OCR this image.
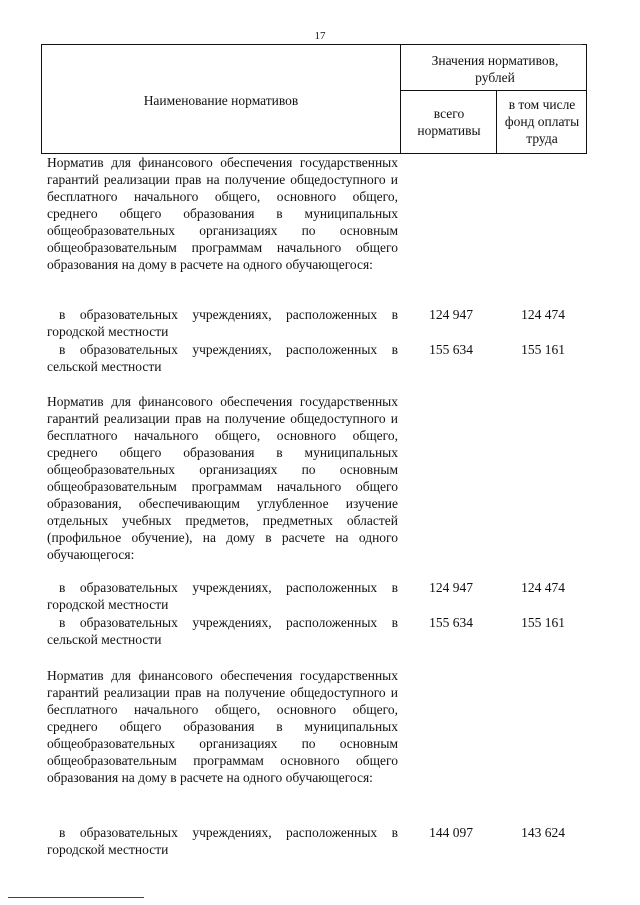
17
Наименование нормативов
Значения нормативов, рублей
всего нормативы
в том числе фонд оплаты труда
Норматив для финансового обеспечения государственных гарантий реализации прав на получение общедоступного и бесплатного начального общего, основного общего, среднего общего образования в муниципальных общеобразовательных организациях по основным общеобразовательным программам начального общего образования на дому в расчете на одного обучающегося:
в образовательных учреждениях, расположенных в городской местности
124 947	124 474
в образовательных учреждениях, расположенных в сельской местности
155 634	155 161
Норматив для финансового обеспечения государственных гарантий реализации прав на получение общедоступного и бесплатного начального общего, основного общего, среднего общего образования в муниципальных общеобразовательных организациях по основным общеобразовательным программам начального общего образования, обеспечивающим углубленное изучение отдельных учебных предметов, предметных областей (профильное обучение), на дому в расчете на одного обучающегося:
в образовательных учреждениях, расположенных в городской местности
124 947	124 474
в образовательных учреждениях, расположенных в сельской местности
155 634	155 161
Норматив для финансового обеспечения государственных гарантий реализации прав на получение общедоступного и бесплатного начального общего, основного общего, среднего общего образования в муниципальных общеобразовательных организациях по основным общеобразовательным программам основного общего образования на дому в расчете на одного обучающегося:
в образовательных учреждениях, расположенных в городской местности
144 097	143 624
